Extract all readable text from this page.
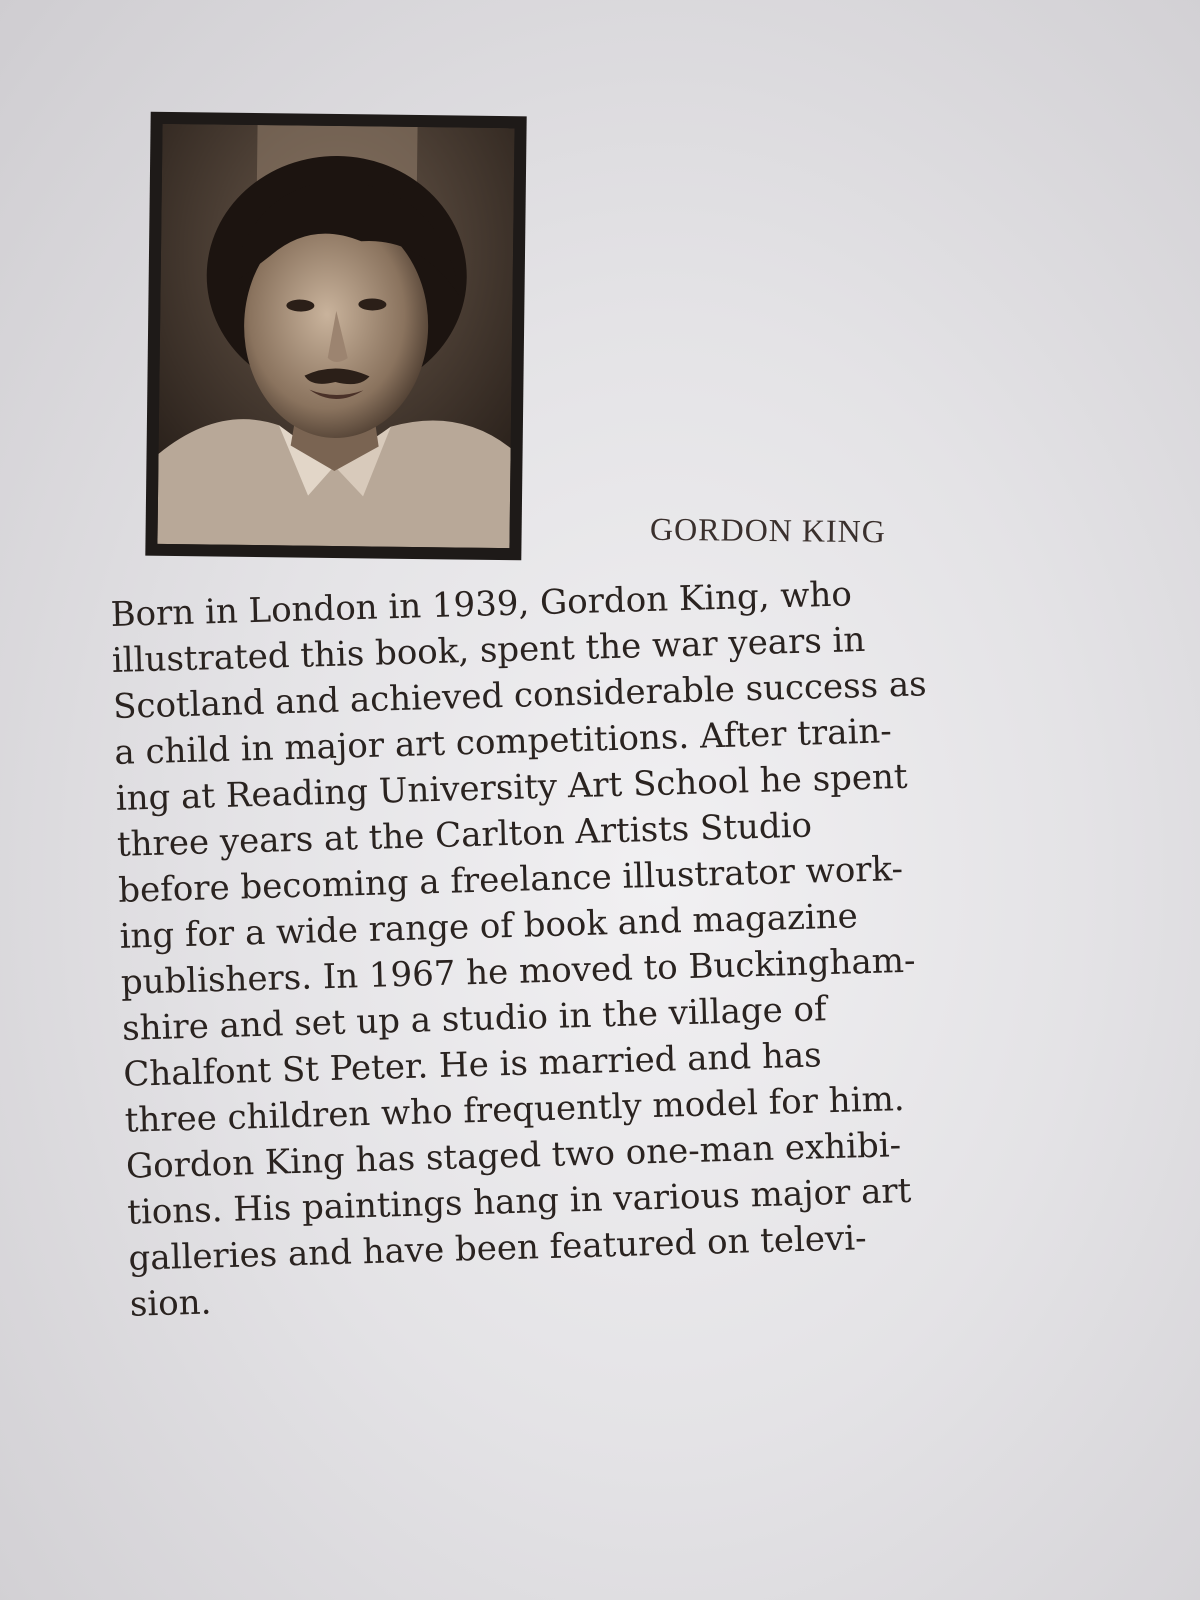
GORDON KING
Born in London in 1939, Gordon King, who
illustrated this book, spent the war years in
Scotland and achieved considerable success as
a child in major art competitions. After train-
ing at Reading University Art School he spent
three years at the Carlton Artists Studio
before becoming a freelance illustrator work-
ing for a wide range of book and magazine
publishers. In 1967 he moved to Buckingham-
shire and set up a studio in the village of
Chalfont St Peter. He is married and has
three children who frequently model for him.
Gordon King has staged two one-man exhibi-
tions. His paintings hang in various major art
galleries and have been featured on televi-
sion.
